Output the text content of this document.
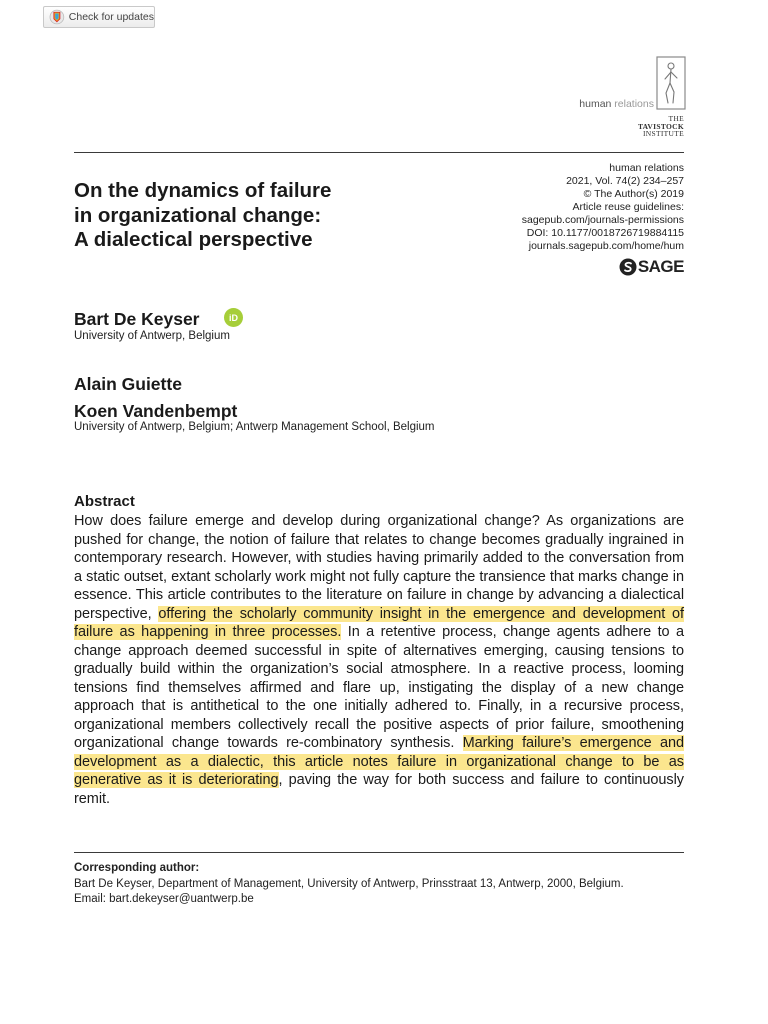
Check for updates
human relations
THE
TAVISTOCK
INSTITUTE
On the dynamics of failure
in organizational change:
A dialectical perspective
human relations
2021, Vol. 74(2) 234–257
© The Author(s) 2019
Article reuse guidelines:
sagepub.com/journals-permissions
DOI: 10.1177/0018726719884115
journals.sagepub.com/home/hum
SAGE
Bart De Keyser	iD
University of Antwerp, Belgium
Alain Guiette
Koen Vandenbempt
University of Antwerp, Belgium; Antwerp Management School, Belgium
Abstract
How does failure emerge and develop during organizational change? As organizations are pushed for change, the notion of failure that relates to change becomes gradually ingrained in contemporary research. However, with studies having primarily added to the conversation from a static outset, extant scholarly work might not fully capture the transience that marks change in essence. This article contributes to the literature on failure in change by advancing a dialectical perspective, offering the scholarly community insight in the emergence and development of failure as happening in three processes. In a retentive process, change agents adhere to a change approach deemed successful in spite of alternatives emerging, causing tensions to gradually build within the organization’s social atmosphere. In a reactive process, looming tensions find themselves affirmed and flare up, instigating the display of a new change approach that is antithetical to the one initially adhered to. Finally, in a recursive process, organizational members collectively recall the positive aspects of prior failure, smoothening organizational change towards re-combinatory synthesis. Marking failure’s emergence and development as a dialectic, this article notes failure in organizational change to be as generative as it is deteriorating, paving the way for both success and failure to continuously remit.
Corresponding author:
Bart De Keyser, Department of Management, University of Antwerp, Prinsstraat 13, Antwerp, 2000, Belgium.
Email: bart.dekeyser@uantwerp.be
